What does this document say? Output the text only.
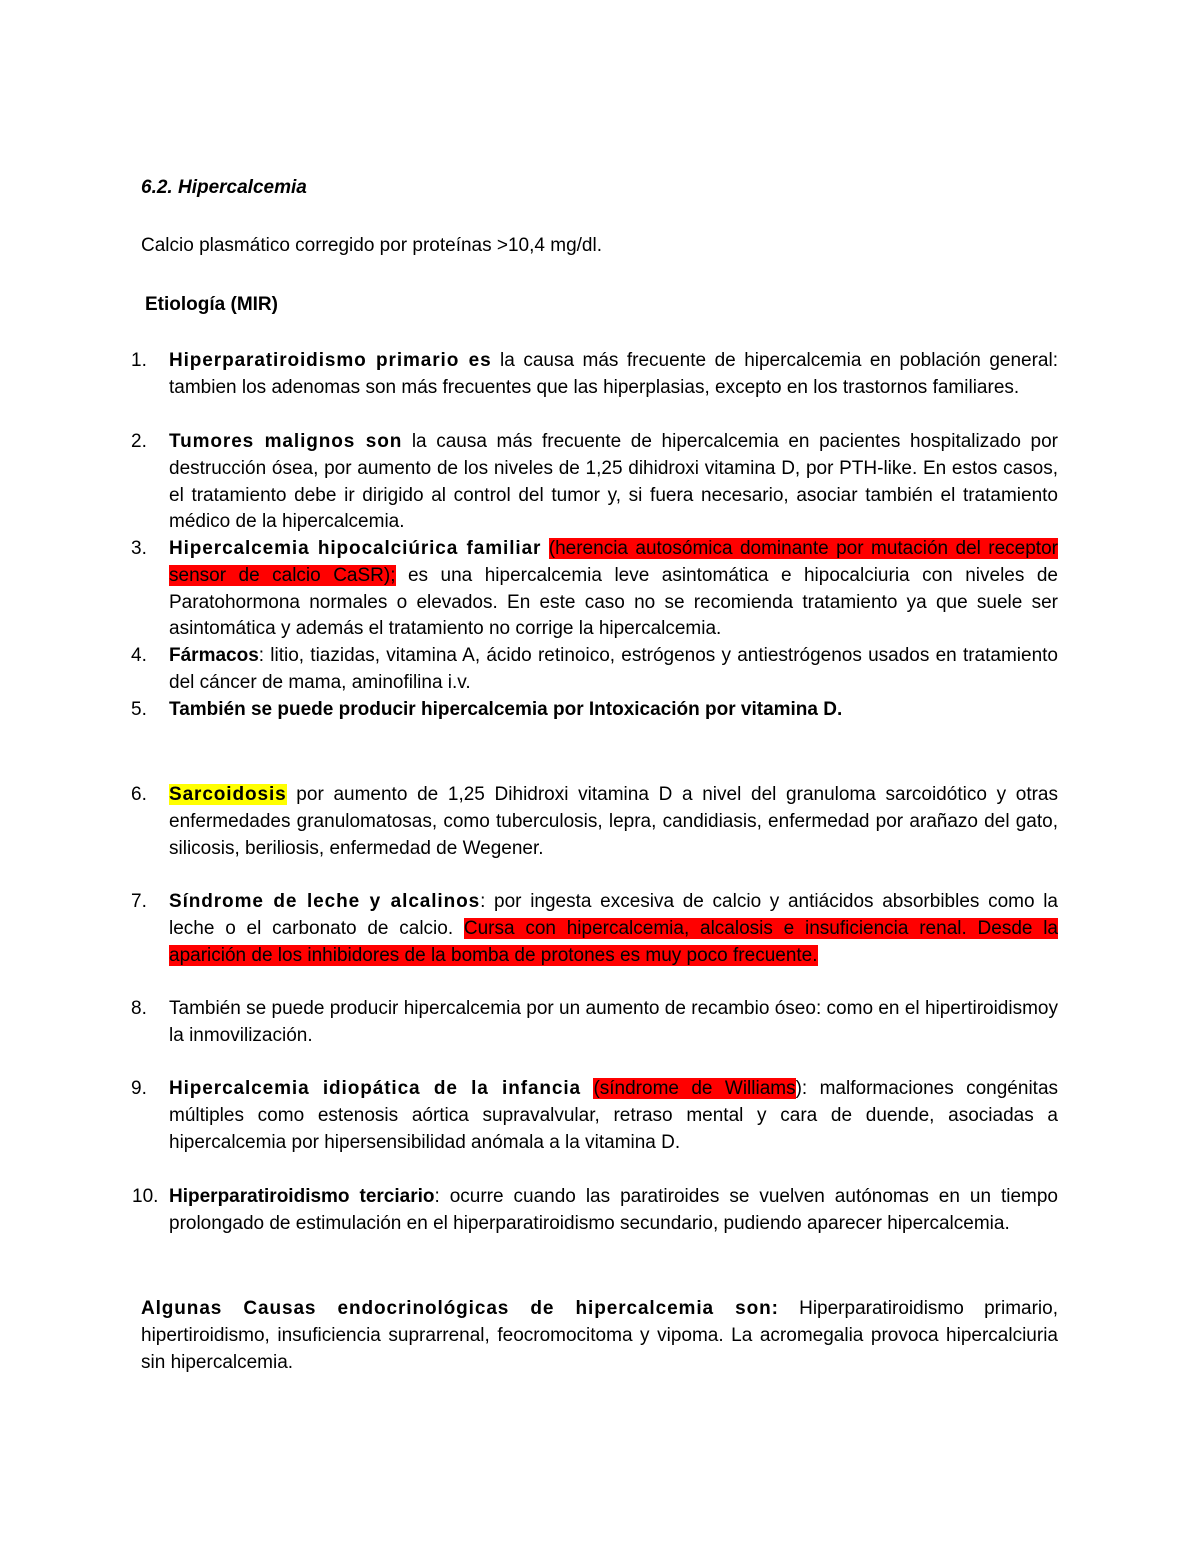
6.2. Hipercalcemia

Calcio plasmático corregido por proteínas >10,4 mg/dl.

Etiología (MIR)

1.	Hiperparatiroidismo primario es la causa más frecuente de hipercalcemia en población general: tambien los adenomas son más frecuentes que las hiperplasias, excepto en los trastornos familiares.

2.	Tumores malignos son la causa más frecuente de hipercalcemia en pacientes hospitalizado por destrucción ósea, por aumento de los niveles de 1,25 dihidroxi vitamina D, por PTH-like. En estos casos, el tratamiento debe ir dirigido al control del tumor y, si fuera necesario, asociar también el tratamiento médico de la hipercalcemia.

3.	Hipercalcemia hipocalciúrica familiar (herencia autosómica dominante por mutación del receptor sensor de calcio CaSR); es una hipercalcemia leve asintomática e hipocalciuria con niveles de Paratohormona normales o elevados. En este caso no se recomienda tratamiento ya que suele ser asintomática y además el tratamiento no corrige la hipercalcemia.

4.	Fármacos: litio, tiazidas, vitamina A, ácido retinoico, estrógenos y antiestrógenos usados en tratamiento del cáncer de mama, aminofilina i.v.

5.	También se puede producir hipercalcemia por Intoxicación por vitamina D.

6.	Sarcoidosis por aumento de 1,25 Dihidroxi vitamina D a nivel del granuloma sarcoidótico y otras enfermedades granulomatosas, como tuberculosis, lepra, candidiasis, enfermedad por arañazo del gato, silicosis, beriliosis, enfermedad de Wegener.

7.	Síndrome de leche y alcalinos: por ingesta excesiva de calcio y antiácidos absorbibles como la leche o el carbonato de calcio. Cursa con hipercalcemia, alcalosis e insuficiencia renal. Desde la aparición de los inhibidores de la bomba de protones es muy poco frecuente.

8.	También se puede producir hipercalcemia por un aumento de recambio óseo: como en el hipertiroidismoy la inmovilización.

9.	Hipercalcemia idiopática de la infancia (síndrome de Williams): malformaciones congénitas múltiples como estenosis aórtica supravalvular, retraso mental y cara de duende, asociadas a hipercalcemia por hipersensibilidad anómala a la vitamina D.

10. Hiperparatiroidismo terciario: ocurre cuando las paratiroides se vuelven autónomas en un tiempo prolongado de estimulación en el hiperparatiroidismo secundario, pudiendo aparecer hipercalcemia.

Algunas Causas endocrinológicas de hipercalcemia son: Hiperparatiroidismo primario, hipertiroidismo, insuficiencia suprarrenal, feocromocitoma y vipoma. La acromegalia provoca hipercalciuria sin hipercalcemia.
